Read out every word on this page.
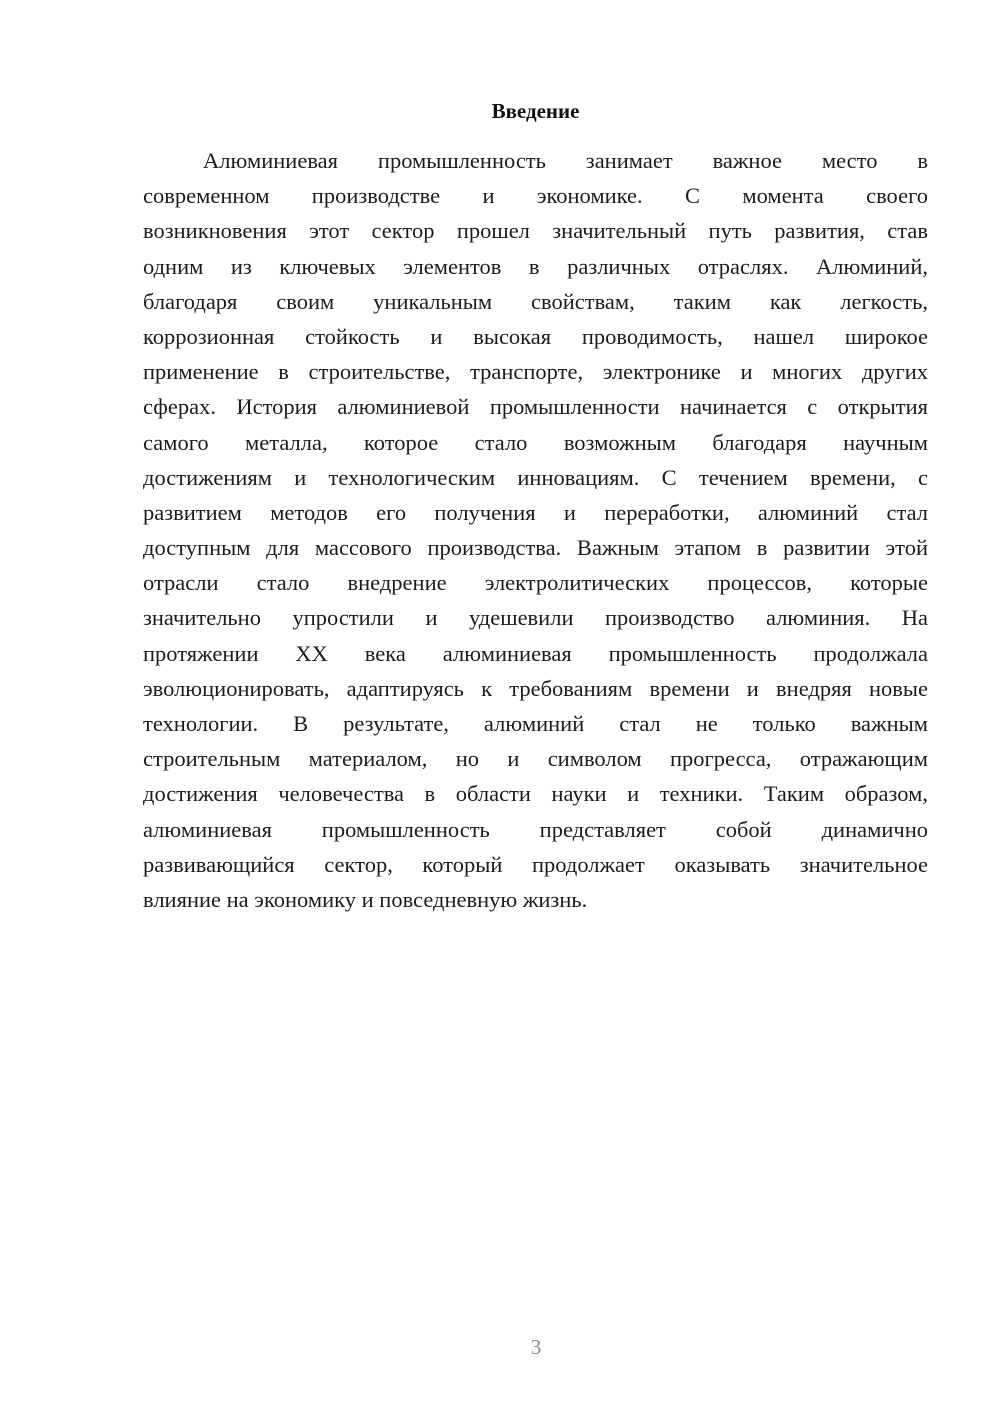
Введение
Алюминиевая промышленность занимает важное место в
современном производстве и экономике. С момента своего
возникновения этот сектор прошел значительный путь развития, став
одним из ключевых элементов в различных отраслях. Алюминий,
благодаря своим уникальным свойствам, таким как легкость,
коррозионная стойкость и высокая проводимость, нашел широкое
применение в строительстве, транспорте, электронике и многих других
сферах. История алюминиевой промышленности начинается с открытия
самого металла, которое стало возможным благодаря научным
достижениям и технологическим инновациям. С течением времени, с
развитием методов его получения и переработки, алюминий стал
доступным для массового производства. Важным этапом в развитии этой
отрасли стало внедрение электролитических процессов, которые
значительно упростили и удешевили производство алюминия. На
протяжении XX века алюминиевая промышленность продолжала
эволюционировать, адаптируясь к требованиям времени и внедряя новые
технологии. В результате, алюминий стал не только важным
строительным материалом, но и символом прогресса, отражающим
достижения человечества в области науки и техники. Таким образом,
алюминиевая промышленность представляет собой динамично
развивающийся сектор, который продолжает оказывать значительное
влияние на экономику и повседневную жизнь.
3
